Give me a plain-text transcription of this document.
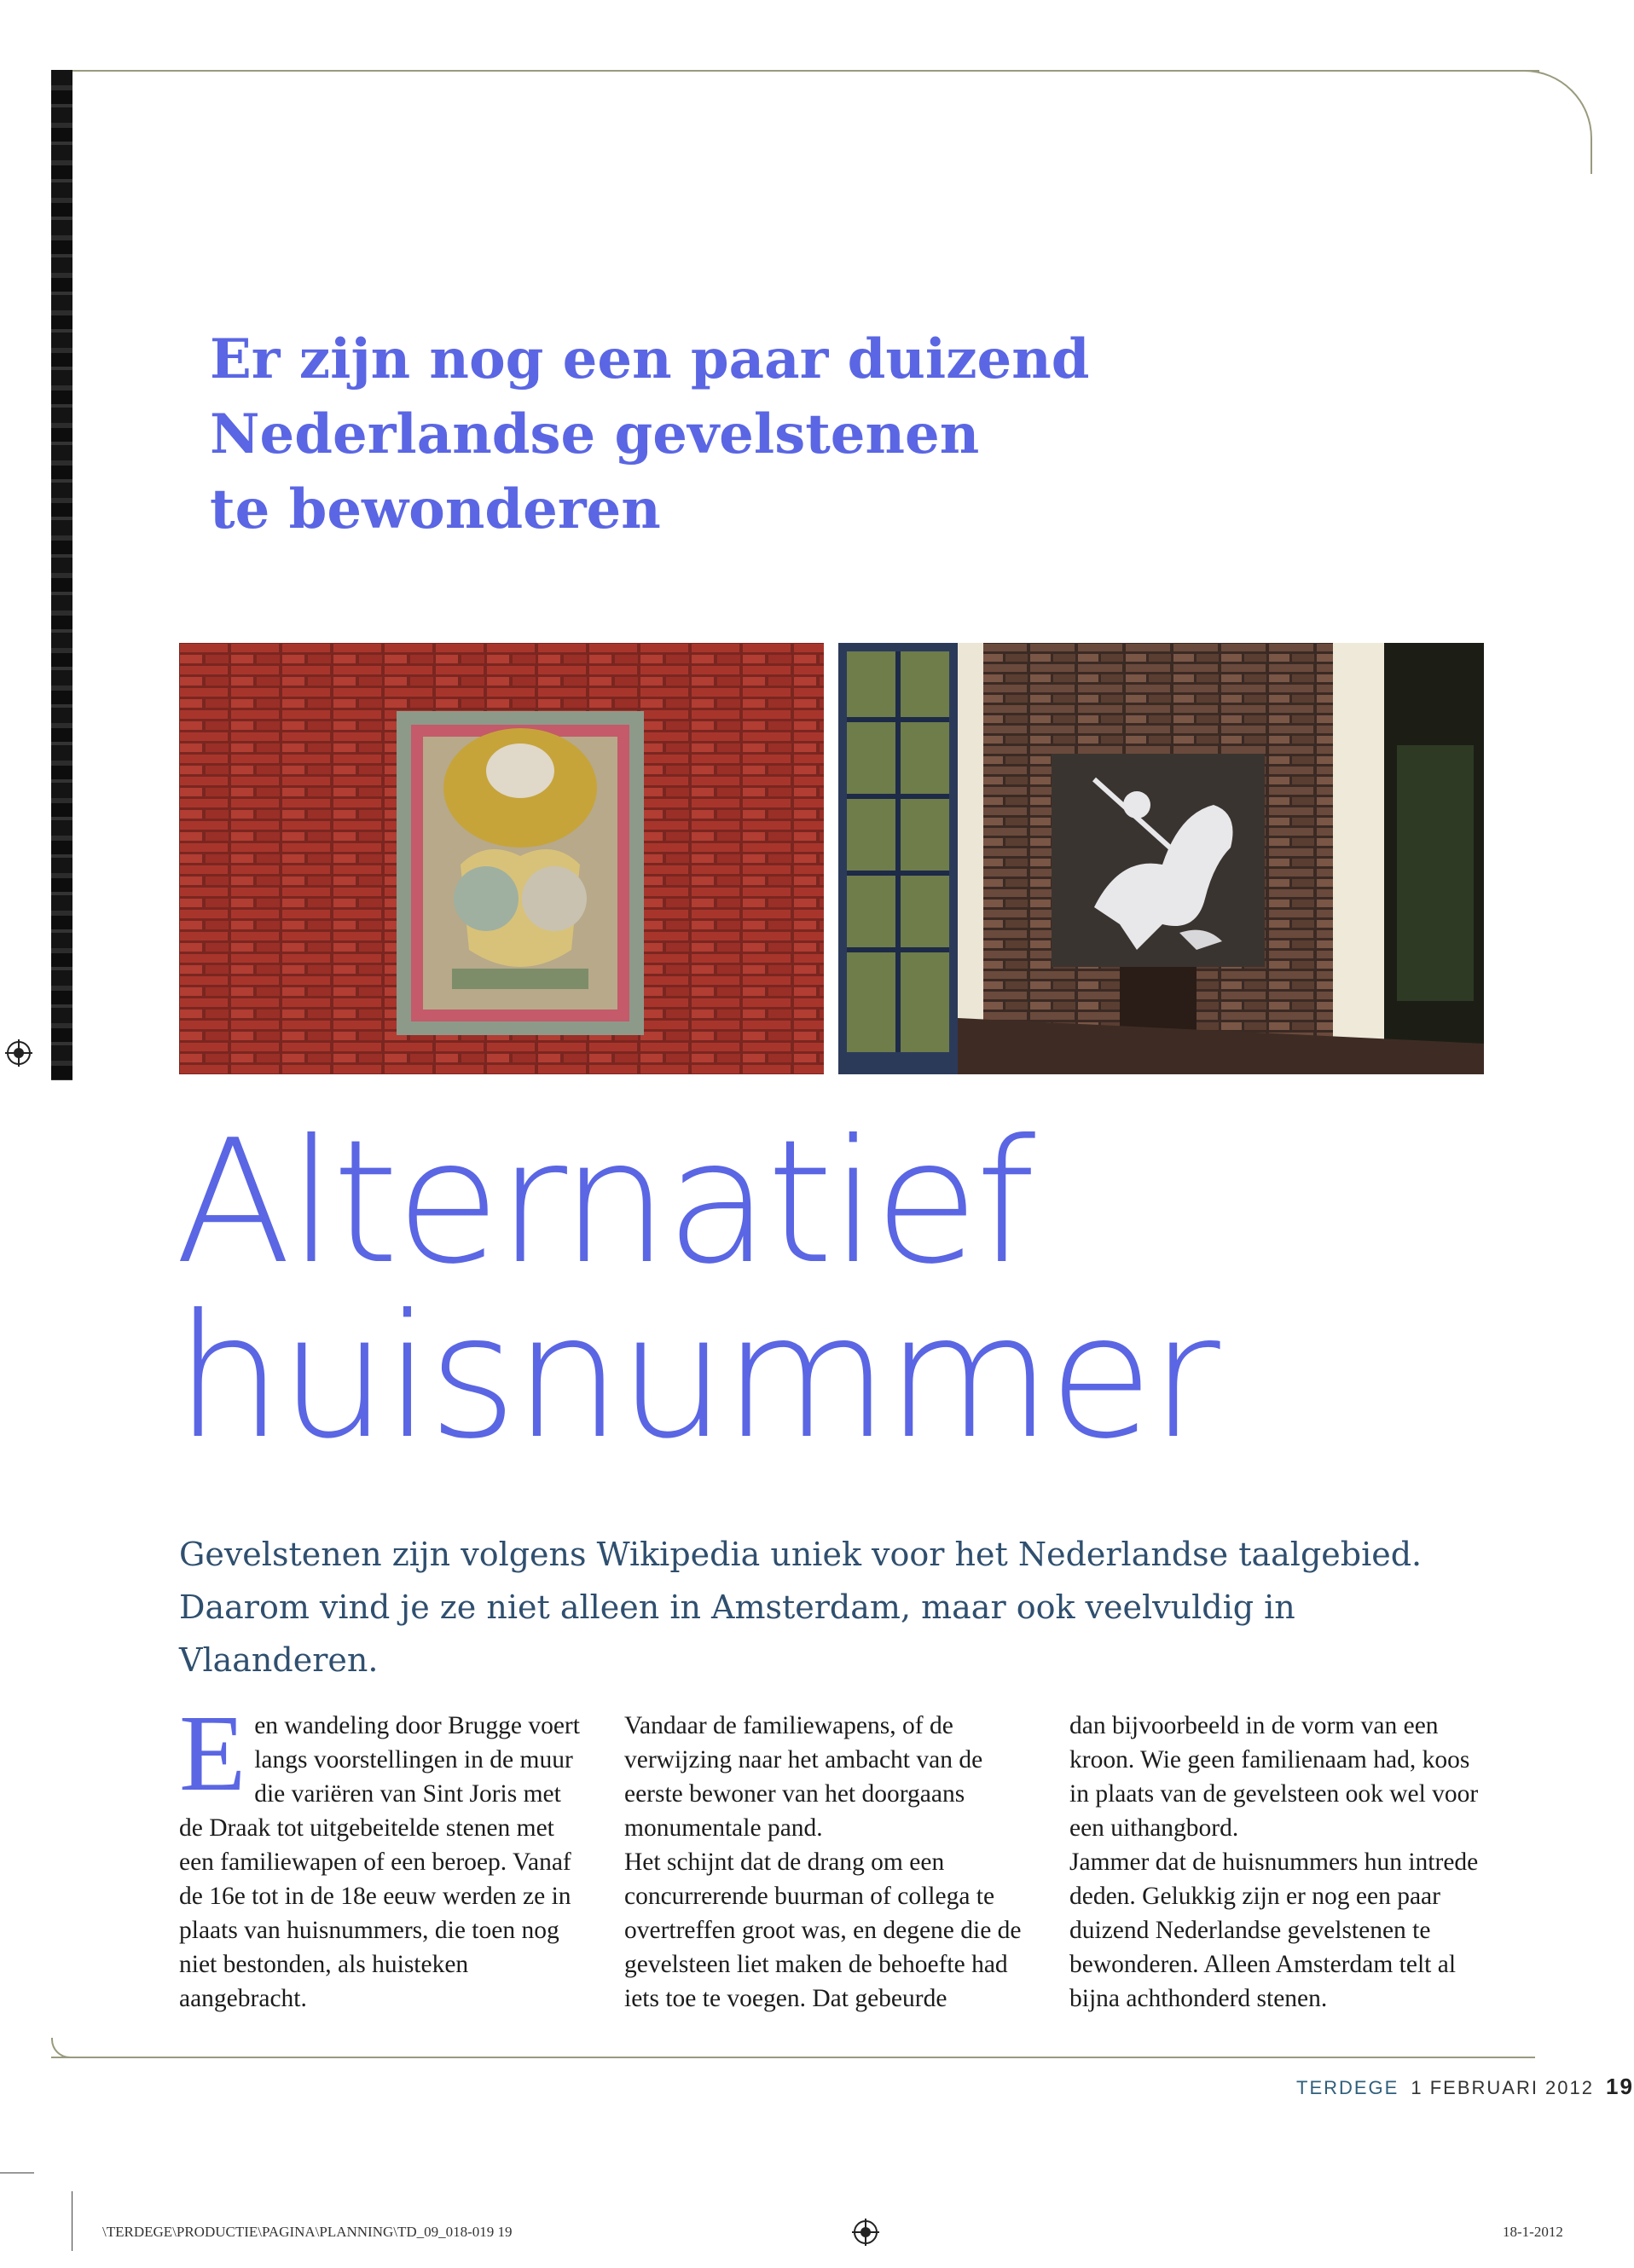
Er zijn nog een paar duizend
Nederlandse gevelstenen
te bewonderen
Alternatief
huisnummer
Gevelstenen zijn volgens Wikipedia uniek voor het Nederlandse taalgebied. Daarom vind je ze niet alleen in Amsterdam, maar ook veelvuldig in Vlaanderen.

Een wandeling door Brugge voert langs voorstellingen in de muur die variëren van Sint Joris met de Draak tot uitgebeitelde stenen met een familiewapen of een beroep. Vanaf de 16e tot in de 18e eeuw werden ze in plaats van huisnummers, die toen nog niet bestonden, als huisteken aangebracht.

Vandaar de familiewapens, of de verwijzing naar het ambacht van de eerste bewoner van het doorgaans monumentale pand.

Het schijnt dat de drang om een concurrerende buurman of collega te overtreffen groot was, en degene die de gevelsteen liet maken de behoefte had iets toe te voegen. Dat gebeurde

dan bijvoorbeeld in de vorm van een kroon. Wie geen familienaam had, koos in plaats van de gevelsteen ook wel voor een uithangbord.

Jammer dat de huisnummers hun intrede deden. Gelukkig zijn er nog een paar duizend Nederlandse gevelstenen te bewonderen. Alleen Amsterdam telt al bijna achthonderd stenen.

TERDEGE 1 FEBRUARI 2012 19
\TERDEGE\PRODUCTIE\PAGINA\PLANNING\TD_09_018-019 19	18-1-2012
